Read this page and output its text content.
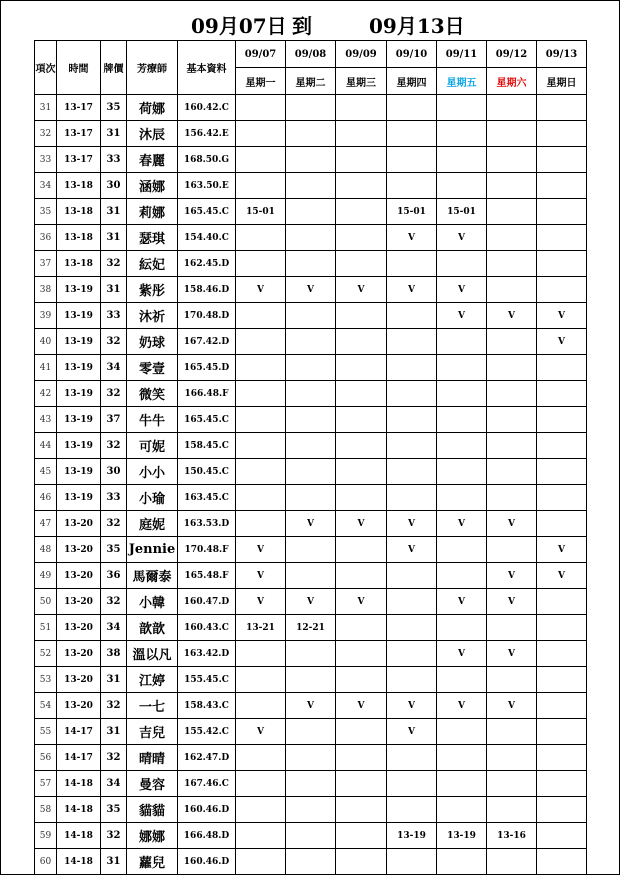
09月07日 到	09月13日
項次	時間	牌價	芳療師	基本資料	09/07	09/08	09/09	09/10	09/11	09/12	09/13
					星期一	星期二	星期三	星期四	星期五	星期六	星期日
31	13-17	35	荷娜	160.42.C							
32	13-17	31	沐辰	156.42.E							
33	13-17	33	春麗	168.50.G							
34	13-18	30	涵娜	163.50.E							
35	13-18	31	莉娜	165.45.C	15-01			15-01	15-01		
36	13-18	31	瑟琪	154.40.C				V	V		
37	13-18	32	紜妃	162.45.D							
38	13-19	31	紫彤	158.46.D	V	V	V	V	V		
39	13-19	33	沐祈	170.48.D					V	V	V
40	13-19	32	奶球	167.42.D							V
41	13-19	34	零壹	165.45.D							
42	13-19	32	微笑	166.48.F							
43	13-19	37	牛牛	165.45.C							
44	13-19	32	可妮	158.45.C							
45	13-19	30	小小	150.45.C							
46	13-19	33	小瑜	163.45.C							
47	13-20	32	庭妮	163.53.D		V	V	V	V	V	
48	13-20	35	Jennie	170.48.F	V			V			V
49	13-20	36	馬爾泰	165.48.F	V					V	V
50	13-20	32	小韓	160.47.D	V	V	V		V	V	
51	13-20	34	歆歆	160.43.C	13-21	12-21					
52	13-20	38	溫以凡	163.42.D					V	V	
53	13-20	31	江婷	155.45.C							
54	13-20	32	一七	158.43.C		V	V	V	V	V	
55	14-17	31	吉兒	155.42.C	V			V			
56	14-17	32	晴晴	162.47.D							
57	14-18	34	曼容	167.46.C							
58	14-18	35	貓貓	160.46.D							
59	14-18	32	娜娜	166.48.D				13-19	13-19	13-16	
60	14-18	31	蘿兒	160.46.D							
